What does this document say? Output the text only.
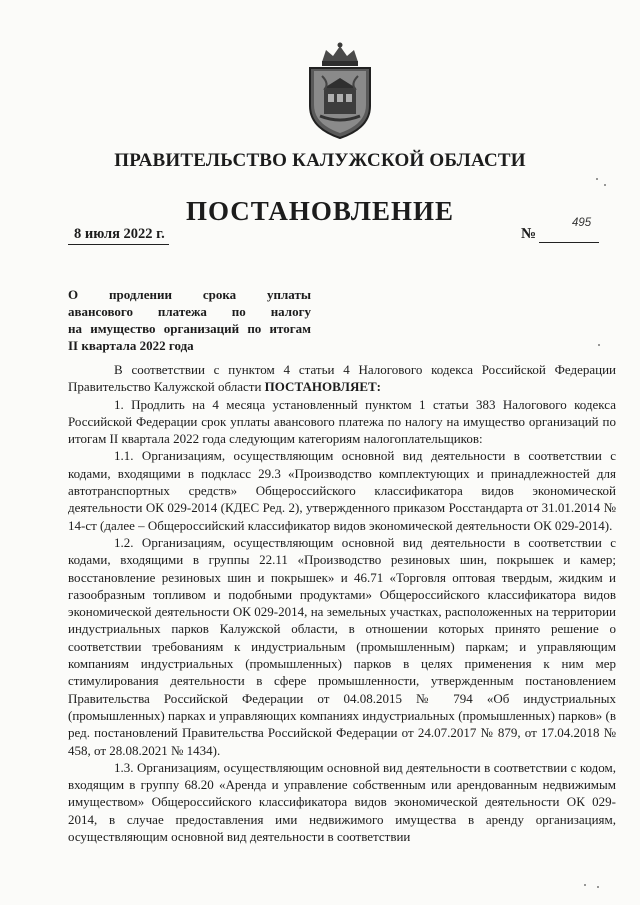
ПРАВИТЕЛЬСТВО КАЛУЖСКОЙ ОБЛАСТИ
ПОСТАНОВЛЕНИЕ
8 июля 2022 г.	№
495
О продлении срока уплаты
авансового платежа по налогу
на имущество организаций по итогам
II квартала 2022 года
В соответствии с пунктом 4 статьи 4 Налогового кодекса Российской Федерации Правительство Калужской области ПОСТАНОВЛЯЕТ:
1. Продлить на 4 месяца установленный пунктом 1 статьи 383 Налогового кодекса Российской Федерации срок уплаты авансового платежа по налогу на имущество организаций по итогам II квартала 2022 года следующим категориям налогоплательщиков:
1.1. Организациям, осуществляющим основной вид деятельности в соответствии с кодами, входящими в подкласс 29.3 «Производство комплектующих и принадлежностей для автотранспортных средств» Общероссийского классификатора видов экономической деятельности ОК 029-2014 (КДЕС Ред. 2), утвержденного приказом Росстандарта от 31.01.2014 № 14-ст (далее – Общероссийский классификатор видов экономической деятельности ОК 029-2014).
1.2. Организациям, осуществляющим основной вид деятельности в соответствии с кодами, входящими в группы 22.11 «Производство резиновых шин, покрышек и камер; восстановление резиновых шин и покрышек» и 46.71 «Торговля оптовая твердым, жидким и газообразным топливом и подобными продуктами» Общероссийского классификатора видов экономической деятельности ОК 029-2014, на земельных участках, расположенных на территории индустриальных парков Калужской области, в отношении которых принято решение о соответствии требованиям к индустриальным (промышленным) паркам; и управляющим компаниям индустриальных (промышленных) парков в целях применения к ним мер стимулирования деятельности в сфере промышленности, утвержденным постановлением Правительства Российской Федерации от 04.08.2015 № 794 «Об индустриальных (промышленных) парках и управляющих компаниях индустриальных (промышленных) парков» (в ред. постановлений Правительства Российской Федерации от 24.07.2017 № 879, от 17.04.2018 № 458, от 28.08.2021 № 1434).
1.3. Организациям, осуществляющим основной вид деятельности в соответствии с кодом, входящим в группу 68.20 «Аренда и управление собственным или арендованным недвижимым имуществом» Общероссийского классификатора видов экономической деятельности ОК 029-2014, в случае предоставления ими недвижимого имущества в аренду организациям, осуществляющим основной вид деятельности в соответствии
